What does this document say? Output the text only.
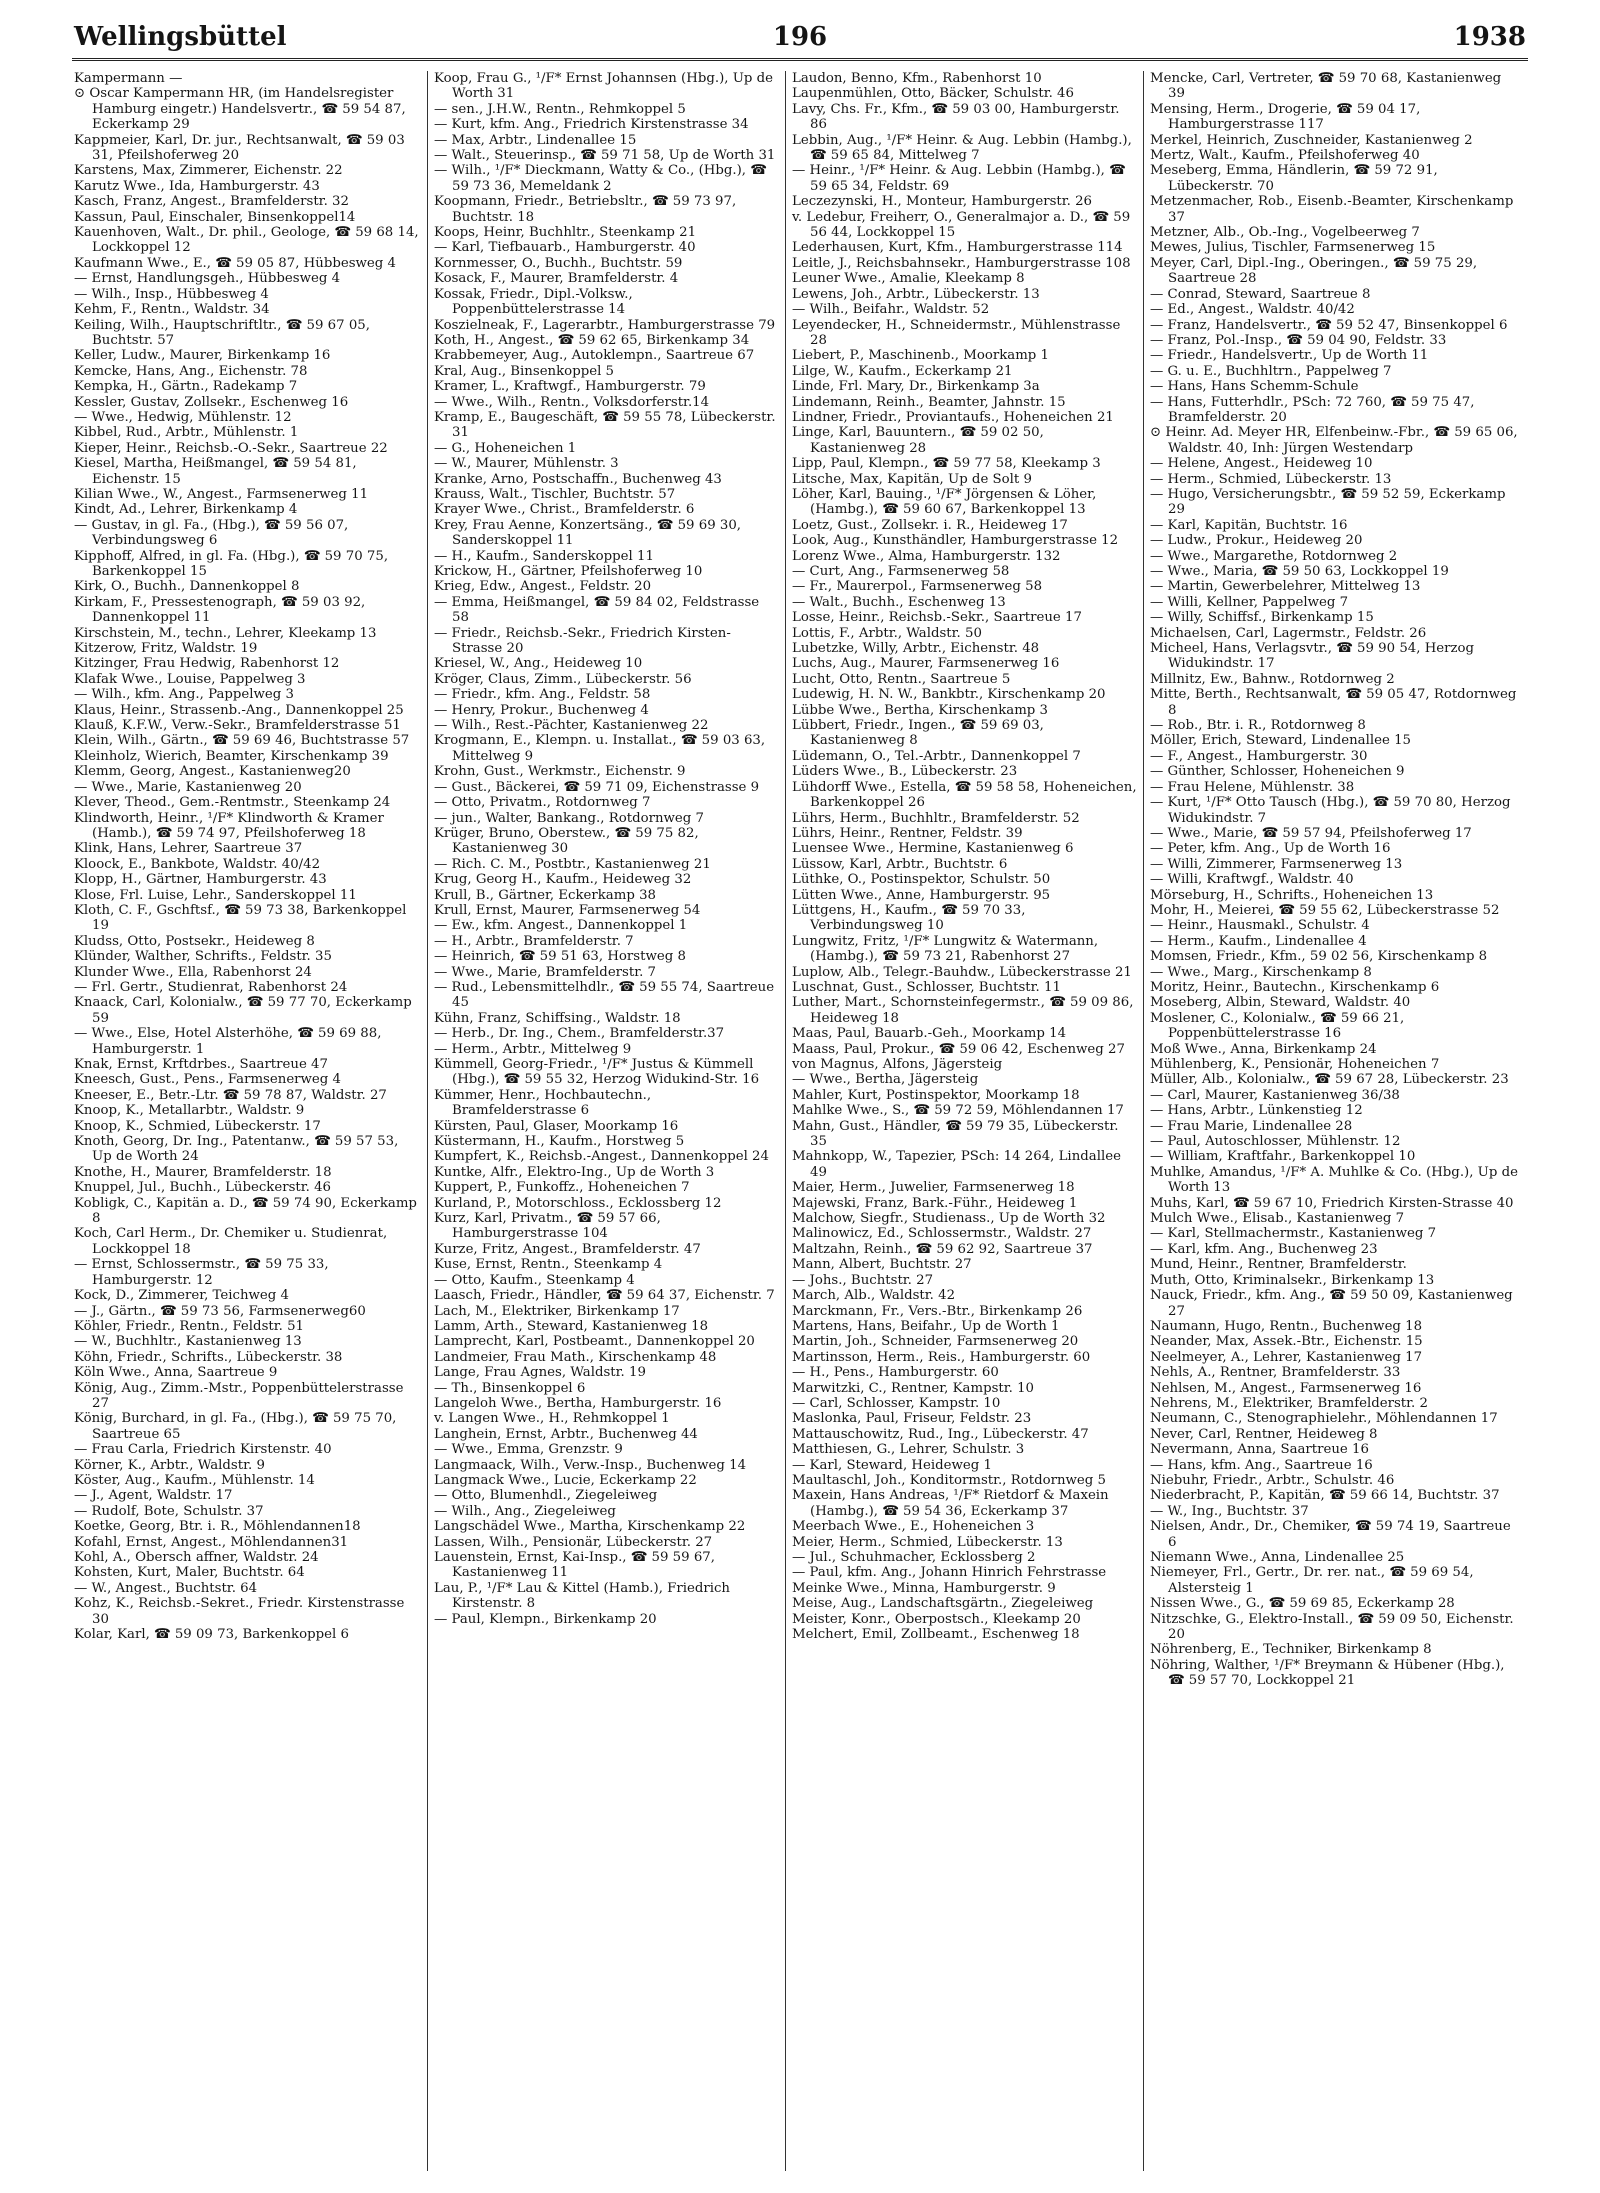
Wellingsbüttel	196	1938

Kampermann —

⊙ Oscar Kampermann HR, (im Handelsregister Hamburg eingetr.) Handelsvertr., ☎ 59 54 87, Eckerkamp 29

Kappmeier, Karl, Dr. jur., Rechtsanwalt, ☎ 59 03 31, Pfeilshoferweg 20

Karstens, Max, Zimmerer, Eichenstr. 22

Karutz Wwe., Ida, Hamburgerstr. 43

Kasch, Franz, Angest., Bramfelderstr. 32

Kassun, Paul, Einschaler, Binsenkoppel14

Kauenhoven, Walt., Dr. phil., Geologe, ☎ 59 68 14, Lockkoppel 12

Kaufmann Wwe., E., ☎ 59 05 87, Hübbesweg 4

— Ernst, Handlungsgeh., Hübbesweg 4

— Wilh., Insp., Hübbesweg 4

Kehm, F., Rentn., Waldstr. 34

Keiling, Wilh., Hauptschriftltr., ☎ 59 67 05, Buchtstr. 57

Keller, Ludw., Maurer, Birkenkamp 16

Kemcke, Hans, Ang., Eichenstr. 78

Kempka, H., Gärtn., Radekamp 7

Kessler, Gustav, Zollsekr., Eschenweg 16

— Wwe., Hedwig, Mühlenstr. 12

Kibbel, Rud., Arbtr., Mühlenstr. 1

Kieper, Heinr., Reichsb.-O.-Sekr., Saartreue 22

Kiesel, Martha, Heißmangel, ☎ 59 54 81, Eichenstr. 15

Kilian Wwe., W., Angest., Farmsenerweg 11

Kindt, Ad., Lehrer, Birkenkamp 4

— Gustav, in gl. Fa., (Hbg.), ☎ 59 56 07, Verbindungsweg 6

Kipphoff, Alfred, in gl. Fa. (Hbg.), ☎ 59 70 75, Barkenkoppel 15

Kirk, O., Buchh., Dannenkoppel 8

Kirkam, F., Pressestenograph, ☎ 59 03 92, Dannenkoppel 11

Kirschstein, M., techn., Lehrer, Kleekamp 13

Kitzerow, Fritz, Waldstr. 19

Kitzinger, Frau Hedwig, Rabenhorst 12

Klafak Wwe., Louise, Pappelweg 3

— Wilh., kfm. Ang., Pappelweg 3

Klaus, Heinr., Strassenb.-Ang., Dannenkoppel 25

Klauß, K.F.W., Verw.-Sekr., Bramfelderstrasse 51

Klein, Wilh., Gärtn., ☎ 59 69 46, Buchtstrasse 57

Kleinholz, Wierich, Beamter, Kirschenkamp 39

Klemm, Georg, Angest., Kastanienweg20

— Wwe., Marie, Kastanienweg 20

Klever, Theod., Gem.-Rentmstr., Steenkamp 24

Klindworth, Heinr., ¹/F* Klindworth & Kramer (Hamb.), ☎ 59 74 97, Pfeilshoferweg 18

Klink, Hans, Lehrer, Saartreue 37

Kloock, E., Bankbote, Waldstr. 40/42

Klopp, H., Gärtner, Hamburgerstr. 43

Klose, Frl. Luise, Lehr., Sanderskoppel 11

Kloth, C. F., Gschftsf., ☎ 59 73 38, Barkenkoppel 19

Kludss, Otto, Postsekr., Heideweg 8

Klünder, Walther, Schrifts., Feldstr. 35

Klunder Wwe., Ella, Rabenhorst 24

— Frl. Gertr., Studienrat, Rabenhorst 24

Knaack, Carl, Kolonialw., ☎ 59 77 70, Eckerkamp 59

— Wwe., Else, Hotel Alsterhöhe, ☎ 59 69 88, Hamburgerstr. 1

Knak, Ernst, Krftdrbes., Saartreue 47

Kneesch, Gust., Pens., Farmsenerweg 4

Kneeser, E., Betr.-Ltr. ☎ 59 78 87, Waldstr. 27

Knoop, K., Metallarbtr., Waldstr. 9

Knoop, K., Schmied, Lübeckerstr. 17

Knoth, Georg, Dr. Ing., Patentanw., ☎ 59 57 53, Up de Worth 24

Knothe, H., Maurer, Bramfelderstr. 18

Knuppel, Jul., Buchh., Lübeckerstr. 46

Kobligk, C., Kapitän a. D., ☎ 59 74 90, Eckerkamp 8

Koch, Carl Herm., Dr. Chemiker u. Studienrat, Lockkoppel 18

— Ernst, Schlossermstr., ☎ 59 75 33, Hamburgerstr. 12

Kock, D., Zimmerer, Teichweg 4

— J., Gärtn., ☎ 59 73 56, Farmsenerweg60

Köhler, Friedr., Rentn., Feldstr. 51

— W., Buchhltr., Kastanienweg 13

Köhn, Friedr., Schrifts., Lübeckerstr. 38

Köln Wwe., Anna, Saartreue 9

König, Aug., Zimm.-Mstr., Poppenbüttelerstrasse 27

König, Burchard, in gl. Fa., (Hbg.), ☎ 59 75 70, Saartreue 65

— Frau Carla, Friedrich Kirstenstr. 40

Körner, K., Arbtr., Waldstr. 9

Köster, Aug., Kaufm., Mühlenstr. 14

— J., Agent, Waldstr. 17

— Rudolf, Bote, Schulstr. 37

Koetke, Georg, Btr. i. R., Möhlendannen18

Kofahl, Ernst, Angest., Möhlendannen31

Kohl, A., Obersch affner, Waldstr. 24

Kohsten, Kurt, Maler, Buchtstr. 64

— W., Angest., Buchtstr. 64

Kohz, K., Reichsb.-Sekret., Friedr. Kirstenstrasse 30

Kolar, Karl, ☎ 59 09 73, Barkenkoppel 6

Koop, Frau G., ¹/F* Ernst Johannsen (Hbg.), Up de Worth 31

— sen., J.H.W., Rentn., Rehmkoppel 5

— Kurt, kfm. Ang., Friedrich Kirstenstrasse 34

— Max, Arbtr., Lindenallee 15

— Walt., Steuerinsp., ☎ 59 71 58, Up de Worth 31

— Wilh., ¹/F* Dieckmann, Watty & Co., (Hbg.), ☎ 59 73 36, Memeldank 2

Koopmann, Friedr., Betriebsltr., ☎ 59 73 97, Buchtstr. 18

Koops, Heinr, Buchhltr., Steenkamp 21

— Karl, Tiefbauarb., Hamburgerstr. 40

Kornmesser, O., Buchh., Buchtstr. 59

Kosack, F., Maurer, Bramfelderstr. 4

Kossak, Friedr., Dipl.-Volksw., Poppenbüttelerstrasse 14

Koszielneak, F., Lagerarbtr., Hamburgerstrasse 79

Koth, H., Angest., ☎ 59 62 65, Birkenkamp 34

Krabbemeyer, Aug., Autoklempn., Saartreue 67

Kral, Aug., Binsenkoppel 5

Kramer, L., Kraftwgf., Hamburgerstr. 79

— Wwe., Wilh., Rentn., Volksdorferstr.14

Kramp, E., Baugeschäft, ☎ 59 55 78, Lübeckerstr. 31

— G., Hoheneichen 1

— W., Maurer, Mühlenstr. 3

Kranke, Arno, Postschaffn., Buchenweg 43

Krauss, Walt., Tischler, Buchtstr. 57

Krayer Wwe., Christ., Bramfelderstr. 6

Krey, Frau Aenne, Konzertsäng., ☎ 59 69 30, Sanderskoppel 11

— H., Kaufm., Sanderskoppel 11

Krickow, H., Gärtner, Pfeilshoferweg 10

Krieg, Edw., Angest., Feldstr. 20

— Emma, Heißmangel, ☎ 59 84 02, Feldstrasse 58

— Friedr., Reichsb.-Sekr., Friedrich Kirsten-Strasse 20

Kriesel, W., Ang., Heideweg 10

Kröger, Claus, Zimm., Lübeckerstr. 56

— Friedr., kfm. Ang., Feldstr. 58

— Henry, Prokur., Buchenweg 4

— Wilh., Rest.-Pächter, Kastanienweg 22

Krogmann, E., Klempn. u. Installat., ☎ 59 03 63, Mittelweg 9

Krohn, Gust., Werkmstr., Eichenstr. 9

— Gust., Bäckerei, ☎ 59 71 09, Eichenstrasse 9

— Otto, Privatm., Rotdornweg 7

— jun., Walter, Bankang., Rotdornweg 7

Krüger, Bruno, Oberstew., ☎ 59 75 82, Kastanienweg 30

— Rich. C. M., Postbtr., Kastanienweg 21

Krug, Georg H., Kaufm., Heideweg 32

Krull, B., Gärtner, Eckerkamp 38

Krull, Ernst, Maurer, Farmsenerweg 54

— Ew., kfm. Angest., Dannenkoppel 1

— H., Arbtr., Bramfelderstr. 7

— Heinrich, ☎ 59 51 63, Horstweg 8

— Wwe., Marie, Bramfelderstr. 7

— Rud., Lebensmittelhdlr., ☎ 59 55 74, Saartreue 45

Kühn, Franz, Schiffsing., Waldstr. 18

— Herb., Dr. Ing., Chem., Bramfelderstr.37

— Herm., Arbtr., Mittelweg 9

Kümmell, Georg-Friedr., ¹/F* Justus & Kümmell (Hbg.), ☎ 59 55 32, Herzog Widukind-Str. 16

Kümmer, Henr., Hochbautechn., Bramfelderstrasse 6

Kürsten, Paul, Glaser, Moorkamp 16

Küstermann, H., Kaufm., Horstweg 5

Kumpfert, K., Reichsb.-Angest., Dannenkoppel 24

Kuntke, Alfr., Elektro-Ing., Up de Worth 3

Kuppert, P., Funkoffz., Hoheneichen 7

Kurland, P., Motorschloss., Ecklossberg 12

Kurz, Karl, Privatm., ☎ 59 57 66, Hamburgerstrasse 104

Kurze, Fritz, Angest., Bramfelderstr. 47

Kuse, Ernst, Rentn., Steenkamp 4

— Otto, Kaufm., Steenkamp 4

Laasch, Friedr., Händler, ☎ 59 64 37, Eichenstr. 7

Lach, M., Elektriker, Birkenkamp 17

Lamm, Arth., Steward, Kastanienweg 18

Lamprecht, Karl, Postbeamt., Dannenkoppel 20

Landmeier, Frau Math., Kirschenkamp 48

Lange, Frau Agnes, Waldstr. 19

— Th., Binsenkoppel 6

Langeloh Wwe., Bertha, Hamburgerstr. 16

v. Langen Wwe., H., Rehmkoppel 1

Langhein, Ernst, Arbtr., Buchenweg 44

— Wwe., Emma, Grenzstr. 9

Langmaack, Wilh., Verw.-Insp., Buchenweg 14

Langmack Wwe., Lucie, Eckerkamp 22

— Otto, Blumenhdl., Ziegeleiweg

— Wilh., Ang., Ziegeleiweg

Langschädel Wwe., Martha, Kirschenkamp 22

Lassen, Wilh., Pensionär, Lübeckerstr. 27

Lauenstein, Ernst, Kai-Insp., ☎ 59 59 67, Kastanienweg 11

Lau, P., ¹/F* Lau & Kittel (Hamb.), Friedrich Kirstenstr. 8

— Paul, Klempn., Birkenkamp 20

Laudon, Benno, Kfm., Rabenhorst 10

Laupenmühlen, Otto, Bäcker, Schulstr. 46

Lavy, Chs. Fr., Kfm., ☎ 59 03 00, Hamburgerstr. 86

Lebbin, Aug., ¹/F* Heinr. & Aug. Lebbin (Hambg.), ☎ 59 65 84, Mittelweg 7

— Heinr., ¹/F* Heinr. & Aug. Lebbin (Hambg.), ☎ 59 65 34, Feldstr. 69

Leczezynski, H., Monteur, Hamburgerstr. 26

v. Ledebur, Freiherr, O., Generalmajor a. D., ☎ 59 56 44, Lockkoppel 15

Lederhausen, Kurt, Kfm., Hamburgerstrasse 114

Leitle, J., Reichsbahnsekr., Hamburgerstrasse 108

Leuner Wwe., Amalie, Kleekamp 8

Lewens, Joh., Arbtr., Lübeckerstr. 13

— Wilh., Beifahr., Waldstr. 52

Leyendecker, H., Schneidermstr., Mühlenstrasse 28

Liebert, P., Maschinenb., Moorkamp 1

Lilge, W., Kaufm., Eckerkamp 21

Linde, Frl. Mary, Dr., Birkenkamp 3a

Lindemann, Reinh., Beamter, Jahnstr. 15

Lindner, Friedr., Proviantaufs., Hoheneichen 21

Linge, Karl, Bauuntern., ☎ 59 02 50, Kastanienweg 28

Lipp, Paul, Klempn., ☎ 59 77 58, Kleekamp 3

Litsche, Max, Kapitän, Up de Solt 9

Löher, Karl, Bauing., ¹/F* Jörgensen & Löher, (Hambg.), ☎ 59 60 67, Barkenkoppel 13

Loetz, Gust., Zollsekr. i. R., Heideweg 17

Look, Aug., Kunsthändler, Hamburgerstrasse 12

Lorenz Wwe., Alma, Hamburgerstr. 132

— Curt, Ang., Farmsenerweg 58

— Fr., Maurerpol., Farmsenerweg 58

— Walt., Buchh., Eschenweg 13

Losse, Heinr., Reichsb.-Sekr., Saartreue 17

Lottis, F., Arbtr., Waldstr. 50

Lubetzke, Willy, Arbtr., Eichenstr. 48

Luchs, Aug., Maurer, Farmsenerweg 16

Lucht, Otto, Rentn., Saartreue 5

Ludewig, H. N. W., Bankbtr., Kirschenkamp 20

Lübbe Wwe., Bertha, Kirschenkamp 3

Lübbert, Friedr., Ingen., ☎ 59 69 03, Kastanienweg 8

Lüdemann, O., Tel.-Arbtr., Dannenkoppel 7

Lüders Wwe., B., Lübeckerstr. 23

Lühdorff Wwe., Estella, ☎ 59 58 58, Hoheneichen, Barkenkoppel 26

Lührs, Herm., Buchhltr., Bramfelderstr. 52

Lührs, Heinr., Rentner, Feldstr. 39

Luensee Wwe., Hermine, Kastanienweg 6

Lüssow, Karl, Arbtr., Buchtstr. 6

Lüthke, O., Postinspektor, Schulstr. 50

Lütten Wwe., Anne, Hamburgerstr. 95

Lüttgens, H., Kaufm., ☎ 59 70 33, Verbindungsweg 10

Lungwitz, Fritz, ¹/F* Lungwitz & Watermann, (Hambg.), ☎ 59 73 21, Rabenhorst 27

Luplow, Alb., Telegr.-Bauhdw., Lübeckerstrasse 21

Luschnat, Gust., Schlosser, Buchtstr. 11

Luther, Mart., Schornsteinfegermstr., ☎ 59 09 86, Heideweg 18

Maas, Paul, Bauarb.-Geh., Moorkamp 14

Maass, Paul, Prokur., ☎ 59 06 42, Eschenweg 27

von Magnus, Alfons, Jägersteig

— Wwe., Bertha, Jägersteig

Mahler, Kurt, Postinspektor, Moorkamp 18

Mahlke Wwe., S., ☎ 59 72 59, Möhlendannen 17

Mahn, Gust., Händler, ☎ 59 79 35, Lübeckerstr. 35

Mahnkopp, W., Tapezier, PSch: 14 264, Lindallee 49

Maier, Herm., Juwelier, Farmsenerweg 18

Majewski, Franz, Bark.-Führ., Heideweg 1

Malchow, Siegfr., Studienass., Up de Worth 32

Malinowicz, Ed., Schlossermstr., Waldstr. 27

Maltzahn, Reinh., ☎ 59 62 92, Saartreue 37

Mann, Albert, Buchtstr. 27

— Johs., Buchtstr. 27

March, Alb., Waldstr. 42

Marckmann, Fr., Vers.-Btr., Birkenkamp 26

Martens, Hans, Beifahr., Up de Worth 1

Martin, Joh., Schneider, Farmsenerweg 20

Martinsson, Herm., Reis., Hamburgerstr. 60

— H., Pens., Hamburgerstr. 60

Marwitzki, C., Rentner, Kampstr. 10

— Carl, Schlosser, Kampstr. 10

Maslonka, Paul, Friseur, Feldstr. 23

Mattauschowitz, Rud., Ing., Lübeckerstr. 47

Matthiesen, G., Lehrer, Schulstr. 3

— Karl, Steward, Heideweg 1

Maultaschl, Joh., Konditormstr., Rotdornweg 5

Maxein, Hans Andreas, ¹/F* Rietdorf & Maxein (Hambg.), ☎ 59 54 36, Eckerkamp 37

Meerbach Wwe., E., Hoheneichen 3

Meier, Herm., Schmied, Lübeckerstr. 13

— Jul., Schuhmacher, Ecklossberg 2

— Paul, kfm. Ang., Johann Hinrich Fehrstrasse

Meinke Wwe., Minna, Hamburgerstr. 9

Meise, Aug., Landschaftsgärtn., Ziegeleiweg

Meister, Konr., Oberpostsch., Kleekamp 20

Melchert, Emil, Zollbeamt., Eschenweg 18

Mencke, Carl, Vertreter, ☎ 59 70 68, Kastanienweg 39

Mensing, Herm., Drogerie, ☎ 59 04 17, Hamburgerstrasse 117

Merkel, Heinrich, Zuschneider, Kastanienweg 2

Mertz, Walt., Kaufm., Pfeilshoferweg 40

Meseberg, Emma, Händlerin, ☎ 59 72 91, Lübeckerstr. 70

Metzenmacher, Rob., Eisenb.-Beamter, Kirschenkamp 37

Metzner, Alb., Ob.-Ing., Vogelbeerweg 7

Mewes, Julius, Tischler, Farmsenerweg 15

Meyer, Carl, Dipl.-Ing., Oberingen., ☎ 59 75 29, Saartreue 28

— Conrad, Steward, Saartreue 8

— Ed., Angest., Waldstr. 40/42

— Franz, Handelsvertr., ☎ 59 52 47, Binsenkoppel 6

— Franz, Pol.-Insp., ☎ 59 04 90, Feldstr. 33

— Friedr., Handelsvertr., Up de Worth 11

— G. u. E., Buchhltrn., Pappelweg 7

— Hans, Hans Schemm-Schule

— Hans, Futterhdlr., PSch: 72 760, ☎ 59 75 47, Bramfelderstr. 20

⊙ Heinr. Ad. Meyer HR, Elfenbeinw.-Fbr., ☎ 59 65 06, Waldstr. 40, Inh: Jürgen Westendarp

— Helene, Angest., Heideweg 10

— Herm., Schmied, Lübeckerstr. 13

— Hugo, Versicherungsbtr., ☎ 59 52 59, Eckerkamp 29

— Karl, Kapitän, Buchtstr. 16

— Ludw., Prokur., Heideweg 20

— Wwe., Margarethe, Rotdornweg 2

— Wwe., Maria, ☎ 59 50 63, Lockkoppel 19

— Martin, Gewerbelehrer, Mittelweg 13

— Willi, Kellner, Pappelweg 7

— Willy, Schiffsf., Birkenkamp 15

Michaelsen, Carl, Lagermstr., Feldstr. 26

Micheel, Hans, Verlagsvtr., ☎ 59 90 54, Herzog Widukindstr. 17

Millnitz, Ew., Bahnw., Rotdornweg 2

Mitte, Berth., Rechtsanwalt, ☎ 59 05 47, Rotdornweg 8

— Rob., Btr. i. R., Rotdornweg 8

Möller, Erich, Steward, Lindenallee 15

— F., Angest., Hamburgerstr. 30

— Günther, Schlosser, Hoheneichen 9

— Frau Helene, Mühlenstr. 38

— Kurt, ¹/F* Otto Tausch (Hbg.), ☎ 59 70 80, Herzog Widukindstr. 7

— Wwe., Marie, ☎ 59 57 94, Pfeilshoferweg 17

— Peter, kfm. Ang., Up de Worth 16

— Willi, Zimmerer, Farmsenerweg 13

— Willi, Kraftwgf., Waldstr. 40

Mörseburg, H., Schrifts., Hoheneichen 13

Mohr, H., Meierei, ☎ 59 55 62, Lübeckerstrasse 52

— Heinr., Hausmakl., Schulstr. 4

— Herm., Kaufm., Lindenallee 4

Momsen, Friedr., Kfm., 59 02 56, Kirschenkamp 8

— Wwe., Marg., Kirschenkamp 8

Moritz, Heinr., Bautechn., Kirschenkamp 6

Moseberg, Albin, Steward, Waldstr. 40

Moslener, C., Kolonialw., ☎ 59 66 21, Poppenbüttelerstrasse 16

Moß Wwe., Anna, Birkenkamp 24

Mühlenberg, K., Pensionär, Hoheneichen 7

Müller, Alb., Kolonialw., ☎ 59 67 28, Lübeckerstr. 23

— Carl, Maurer, Kastanienweg 36/38

— Hans, Arbtr., Lünkenstieg 12

— Frau Marie, Lindenallee 28

— Paul, Autoschlosser, Mühlenstr. 12

— William, Kraftfahr., Barkenkoppel 10

Muhlke, Amandus, ¹/F* A. Muhlke & Co. (Hbg.), Up de Worth 13

Muhs, Karl, ☎ 59 67 10, Friedrich Kirsten-Strasse 40

Mulch Wwe., Elisab., Kastanienweg 7

— Karl, Stellmachermstr., Kastanienweg 7

— Karl, kfm. Ang., Buchenweg 23

Mund, Heinr., Rentner, Bramfelderstr.

Muth, Otto, Kriminalsekr., Birkenkamp 13

Nauck, Friedr., kfm. Ang., ☎ 59 50 09, Kastanienweg 27

Naumann, Hugo, Rentn., Buchenweg 18

Neander, Max, Assek.-Btr., Eichenstr. 15

Neelmeyer, A., Lehrer, Kastanienweg 17

Nehls, A., Rentner, Bramfelderstr. 33

Nehlsen, M., Angest., Farmsenerweg 16

Nehrens, M., Elektriker, Bramfelderstr. 2

Neumann, C., Stenographielehr., Möhlendannen 17

Never, Carl, Rentner, Heideweg 8

Nevermann, Anna, Saartreue 16

— Hans, kfm. Ang., Saartreue 16

Niebuhr, Friedr., Arbtr., Schulstr. 46

Niederbracht, P., Kapitän, ☎ 59 66 14, Buchtstr. 37

— W., Ing., Buchtstr. 37

Nielsen, Andr., Dr., Chemiker, ☎ 59 74 19, Saartreue 6

Niemann Wwe., Anna, Lindenallee 25

Niemeyer, Frl., Gertr., Dr. rer. nat., ☎ 59 69 54, Alstersteig 1

Nissen Wwe., G., ☎ 59 69 85, Eckerkamp 28

Nitzschke, G., Elektro-Install., ☎ 59 09 50, Eichenstr. 20

Nöhrenberg, E., Techniker, Birkenkamp 8

Nöhring, Walther, ¹/F* Breymann & Hübener (Hbg.), ☎ 59 57 70, Lockkoppel 21
